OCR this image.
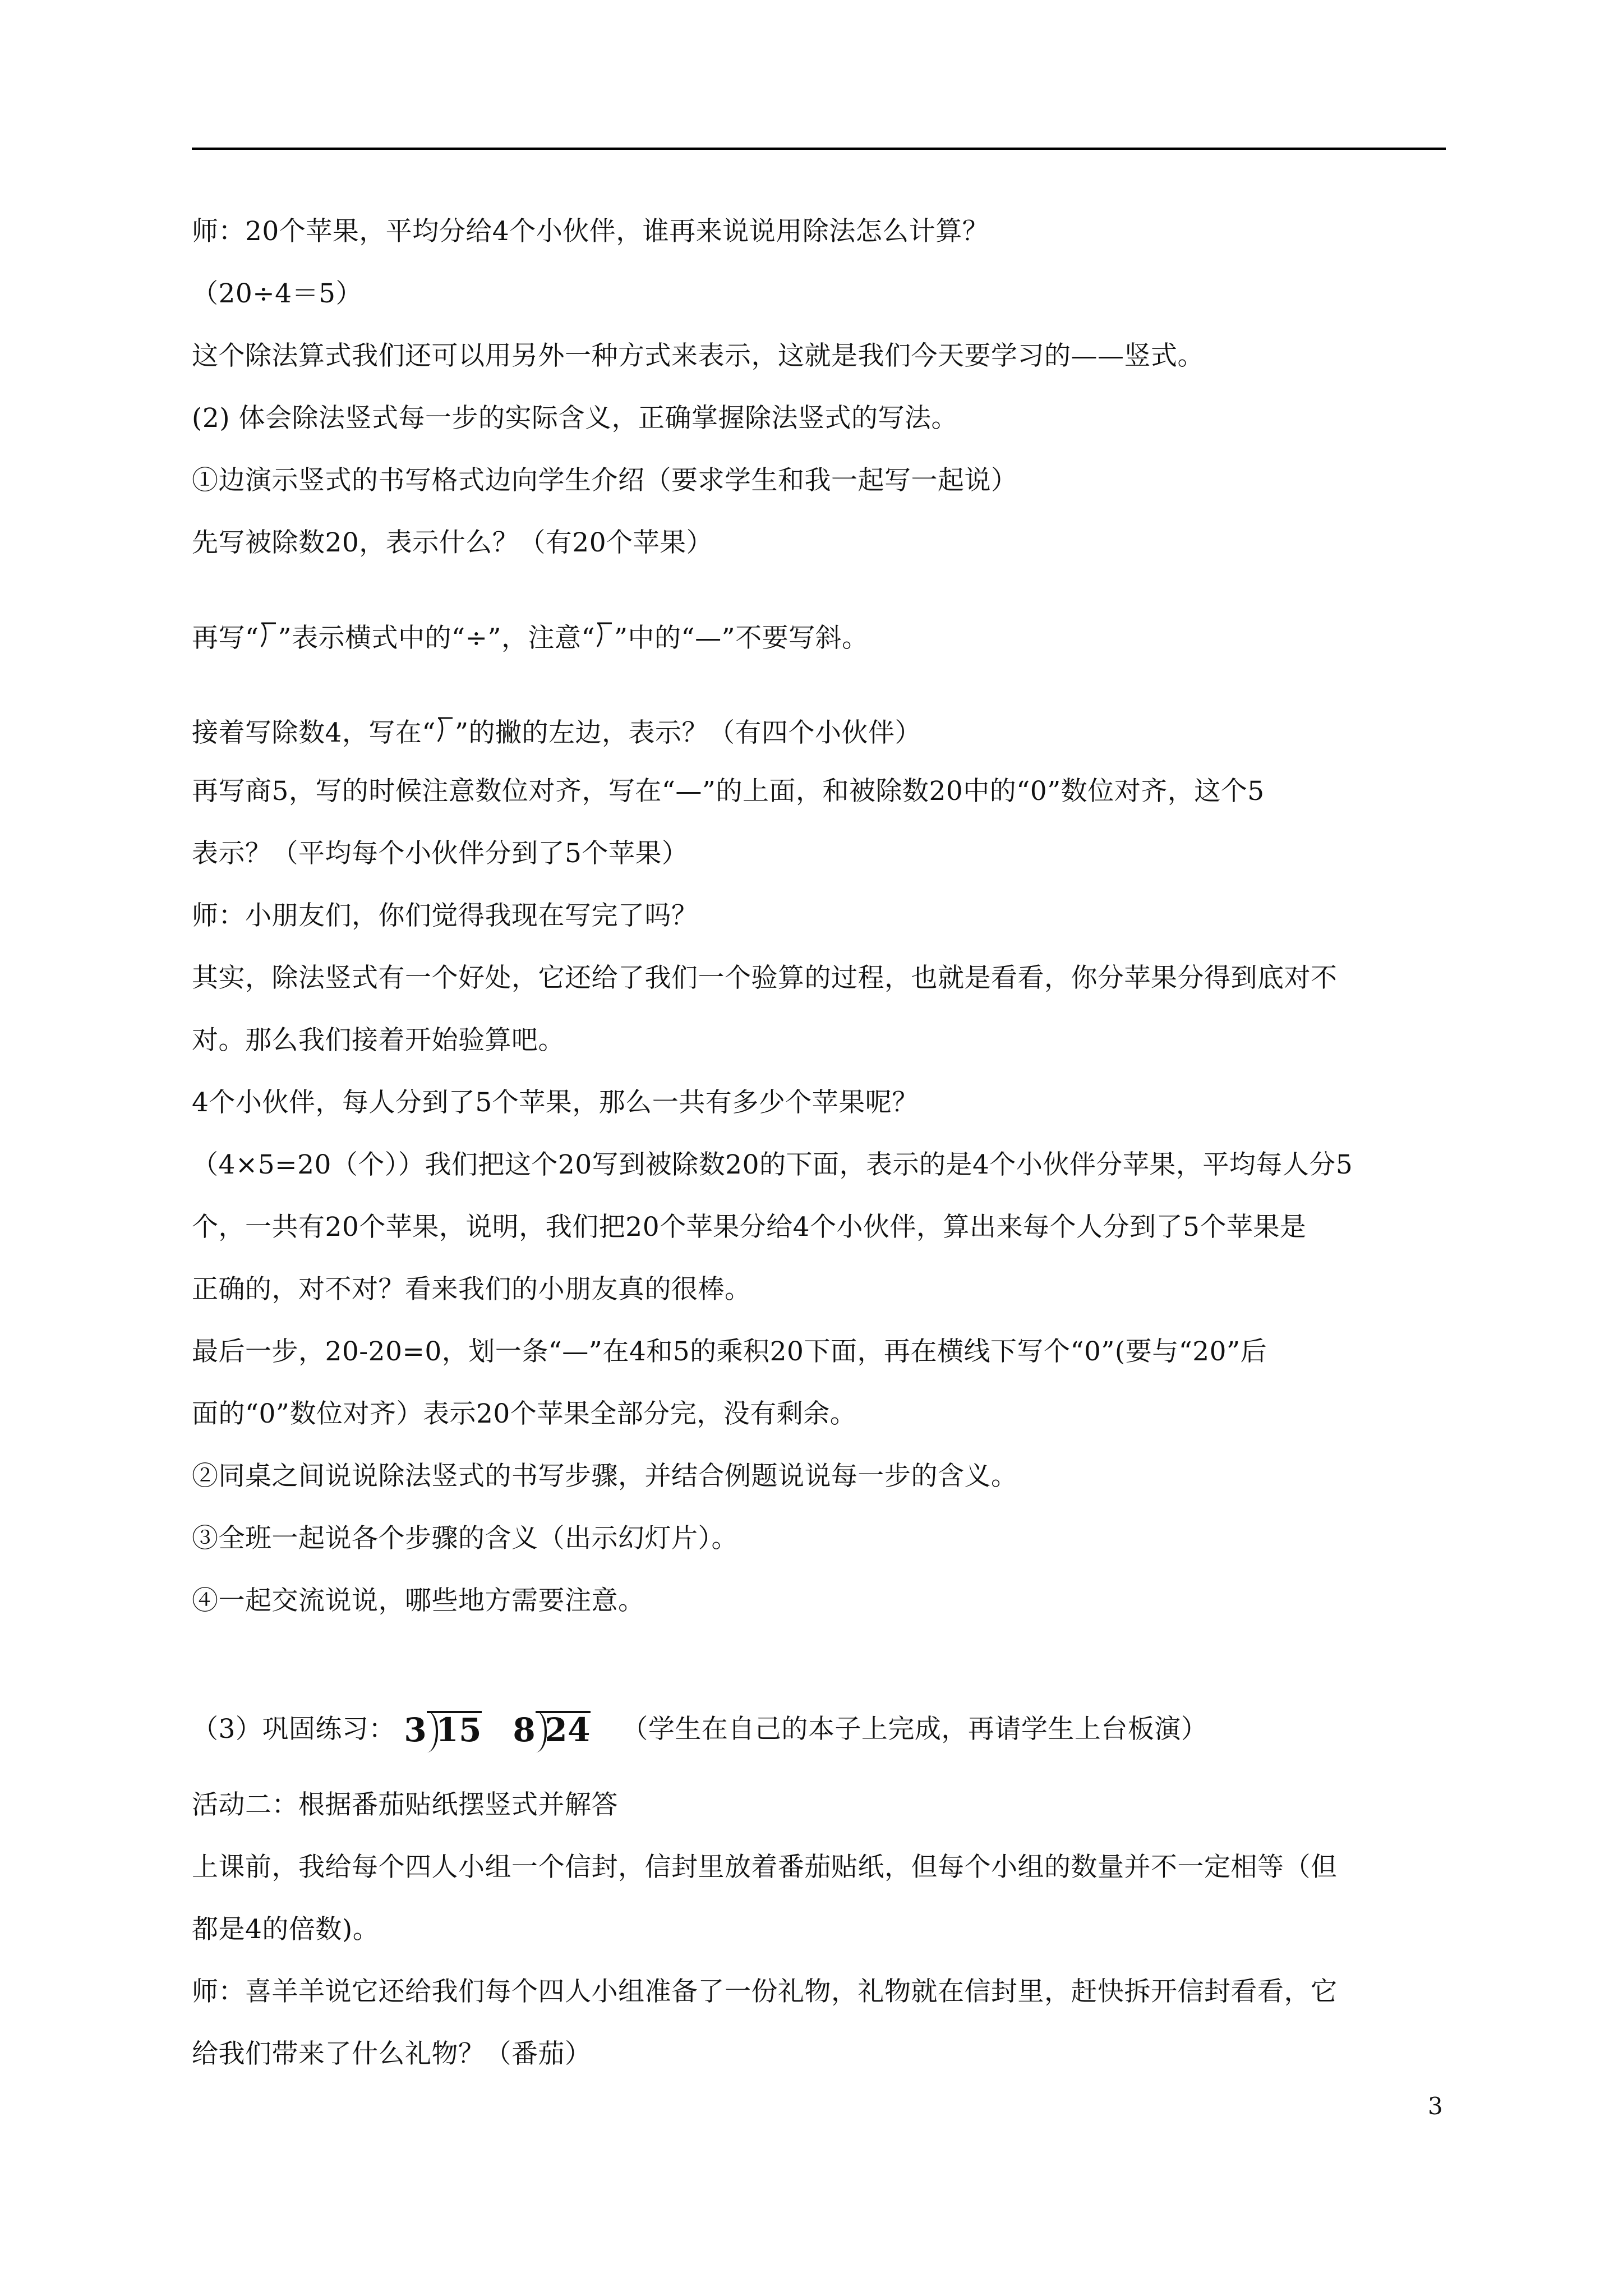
师：20个苹果，平均分给4个小伙伴，谁再来说说用除法怎么计算？
（20÷4＝5）
这个除法算式我们还可以用另外一种方式来表示，这就是我们今天要学习的——竖式。
(2) 体会除法竖式每一步的实际含义，正确掌握除法竖式的写法。
①边演示竖式的书写格式边向学生介绍（要求学生和我一起写一起说）
先写被除数20，表示什么？（有20个苹果）
再写“ ”表示横式中的“÷”，注意“ ”中的“—”不要写斜。
接着写除数4，写在“ ”的撇的左边，表示？（有四个小伙伴）
再写商5，写的时候注意数位对齐，写在“—”的上面，和被除数20中的“0”数位对齐，这个5
表示？（平均每个小伙伴分到了5个苹果）
师：小朋友们，你们觉得我现在写完了吗？
其实，除法竖式有一个好处，它还给了我们一个验算的过程，也就是看看，你分苹果分得到底对不
对。那么我们接着开始验算吧。
4个小伙伴，每人分到了5个苹果，那么一共有多少个苹果呢？
（4×5=20（个））我们把这个20写到被除数20的下面，表示的是4个小伙伴分苹果，平均每人分5
个，一共有20个苹果，说明，我们把20个苹果分给4个小伙伴，算出来每个人分到了5个苹果是
正确的，对不对？看来我们的小朋友真的很棒。
最后一步，20-20=0，划一条“—”在4和5的乘积20下面，再在横线下写个“0”(要与“20”后
面的“0”数位对齐）表示20个苹果全部分完，没有剩余。
②同桌之间说说除法竖式的书写步骤，并结合例题说说每一步的含义。
③全班一起说各个步骤的含义（出示幻灯片）。
④一起交流说说，哪些地方需要注意。
（3）巩固练习： 3 15 8 24 （学生在自己的本子上完成，再请学生上台板演）
活动二：根据番茄贴纸摆竖式并解答
上课前，我给每个四人小组一个信封，信封里放着番茄贴纸，但每个小组的数量并不一定相等（但
都是4的倍数)。
师：喜羊羊说它还给我们每个四人小组准备了一份礼物，礼物就在信封里，赶快拆开信封看看，它
给我们带来了什么礼物？（番茄）
3
